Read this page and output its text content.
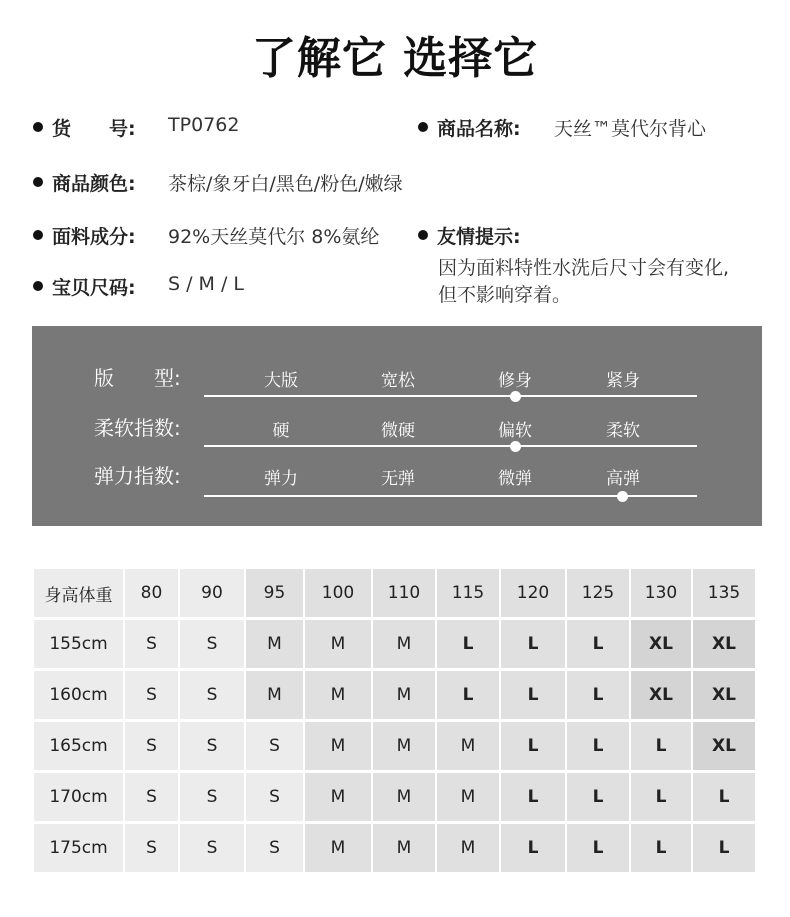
了解它 选择它
货　　号: TP0762	商品名称: 天丝™莫代尔背心
商品颜色: 茶棕/象牙白/黑色/粉色/嫩绿
面料成分: 92%天丝莫代尔 8%氨纶	友情提示:
因为面料特性水洗后尺寸会有变化,
但不影响穿着。
宝贝尺码: S / M / L
版　　型:	大版	宽松	修身	紧身
柔软指数:	硬	微硬	偏软	柔软
弹力指数:	弹力	无弹	微弹	高弹
身高体重	80	90	95	100	110	115	120	125	130	135
155cm	S	S	M	M	M	L	L	L	XL	XL
160cm	S	S	M	M	M	L	L	L	XL	XL
165cm	S	S	S	M	M	M	L	L	L	XL
170cm	S	S	S	M	M	M	L	L	L	L
175cm	S	S	S	M	M	M	L	L	L	L
